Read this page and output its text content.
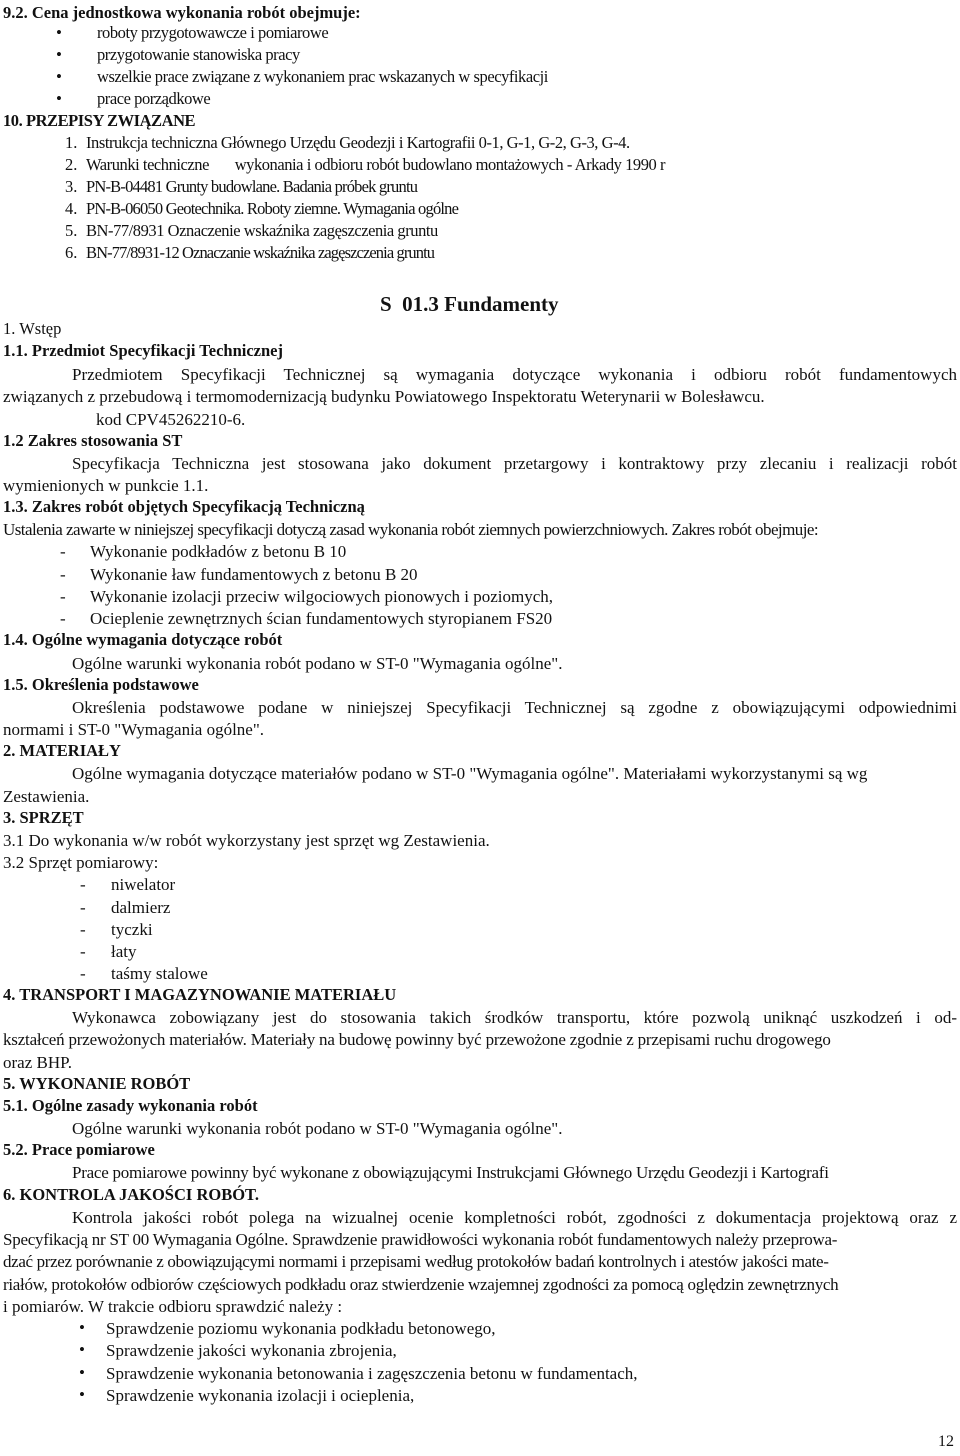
9.2. Cena jednostkowa wykonania robót obejmuje:
• roboty przygotowawcze i pomiarowe
• przygotowanie stanowiska pracy
• wszelkie prace związane z wykonaniem prac wskazanych w specyfikacji
• prace porządkowe
10. PRZEPISY ZWIĄZANE
1. Instrukcja techniczna Głównego Urzędu Geodezji i Kartografii 0-1, G-1, G-2, G-3, G-4.
2. Warunki techniczne       wykonania i odbioru robót budowlano montażowych - Arkady 1990 r
3. PN-B-04481 Grunty budowlane. Badania próbek gruntu
4. PN-B-06050 Geotechnika. Roboty ziemne. Wymagania ogólne
5. BN-77/8931 Oznaczenie wskaźnika zagęszczenia gruntu
6. BN-77/8931-12 Oznaczanie wskaźnika zagęszczenia gruntu
S  01.3 Fundamenty
1. Wstęp
1.1. Przedmiot Specyfikacji Technicznej
Przedmiotem Specyfikacji Technicznej są wymagania dotyczące wykonania i odbioru robót fundamentowych
związanych z przebudową i termomodernizacją budynku Powiatowego Inspektoratu Weterynarii w Bolesławcu.
kod CPV45262210-6.
1.2 Zakres stosowania ST
Specyfikacja Techniczna jest stosowana jako dokument przetargowy i kontraktowy przy zlecaniu i realizacji robót
wymienionych w punkcie 1.1.
1.3. Zakres robót objętych Specyfikacją Techniczną
Ustalenia zawarte w niniejszej specyfikacji dotyczą zasad wykonania robót ziemnych powierzchniowych. Zakres robót obejmuje:
- Wykonanie podkładów z betonu B 10
- Wykonanie ław fundamentowych z betonu B 20
- Wykonanie izolacji przeciw wilgociowych pionowych i poziomych,
- Ocieplenie zewnętrznych ścian fundamentowych styropianem FS20
1.4. Ogólne wymagania dotyczące robót
Ogólne warunki wykonania robót podano w ST-0 "Wymagania ogólne".
1.5. Określenia podstawowe
Określenia podstawowe podane w niniejszej Specyfikacji Technicznej są zgodne z obowiązującymi odpowiednimi
normami i ST-0 "Wymagania ogólne".
2. MATERIAŁY
Ogólne wymagania dotyczące materiałów podano w ST-0 "Wymagania ogólne". Materiałami wykorzystanymi są wg
Zestawienia.
3. SPRZĘT
3.1 Do wykonania w/w robót wykorzystany jest sprzęt wg Zestawienia.
3.2 Sprzęt pomiarowy:
- niwelator
- dalmierz
- tyczki
- łaty
- taśmy stalowe
4. TRANSPORT I MAGAZYNOWANIE MATERIAŁU
Wykonawca zobowiązany jest do stosowania takich środków transportu, które pozwolą uniknąć uszkodzeń i od-
kształceń przewożonych materiałów. Materiały na budowę powinny być przewożone zgodnie z przepisami ruchu drogowego
oraz BHP.
5. WYKONANIE ROBÓT
5.1. Ogólne zasady wykonania robót
Ogólne warunki wykonania robót podano w ST-0 "Wymagania ogólne".
5.2. Prace pomiarowe
Prace pomiarowe powinny być wykonane z obowiązującymi Instrukcjami Głównego Urzędu Geodezji i Kartografi
6. KONTROLA JAKOŚCI ROBÓT.
Kontrola jakości robót polega na wizualnej ocenie kompletności robót, zgodności z dokumentacja projektową oraz z
Specyfikacją nr ST 00 Wymagania Ogólne. Sprawdzenie prawidłowości wykonania robót fundamentowych należy przeprowa-
dzać przez porównanie z obowiązującymi normami i przepisami według protokołów badań kontrolnych i atestów jakości mate-
riałów, protokołów odbiorów częściowych podkładu oraz stwierdzenie wzajemnej zgodności za pomocą oględzin zewnętrznych
i pomiarów. W trakcie odbioru sprawdzić należy :
• Sprawdzenie poziomu wykonania podkładu betonowego,
• Sprawdzenie jakości wykonania zbrojenia,
• Sprawdzenie wykonania betonowania i zagęszczenia betonu w fundamentach,
• Sprawdzenie wykonania izolacji i ocieplenia,
12
